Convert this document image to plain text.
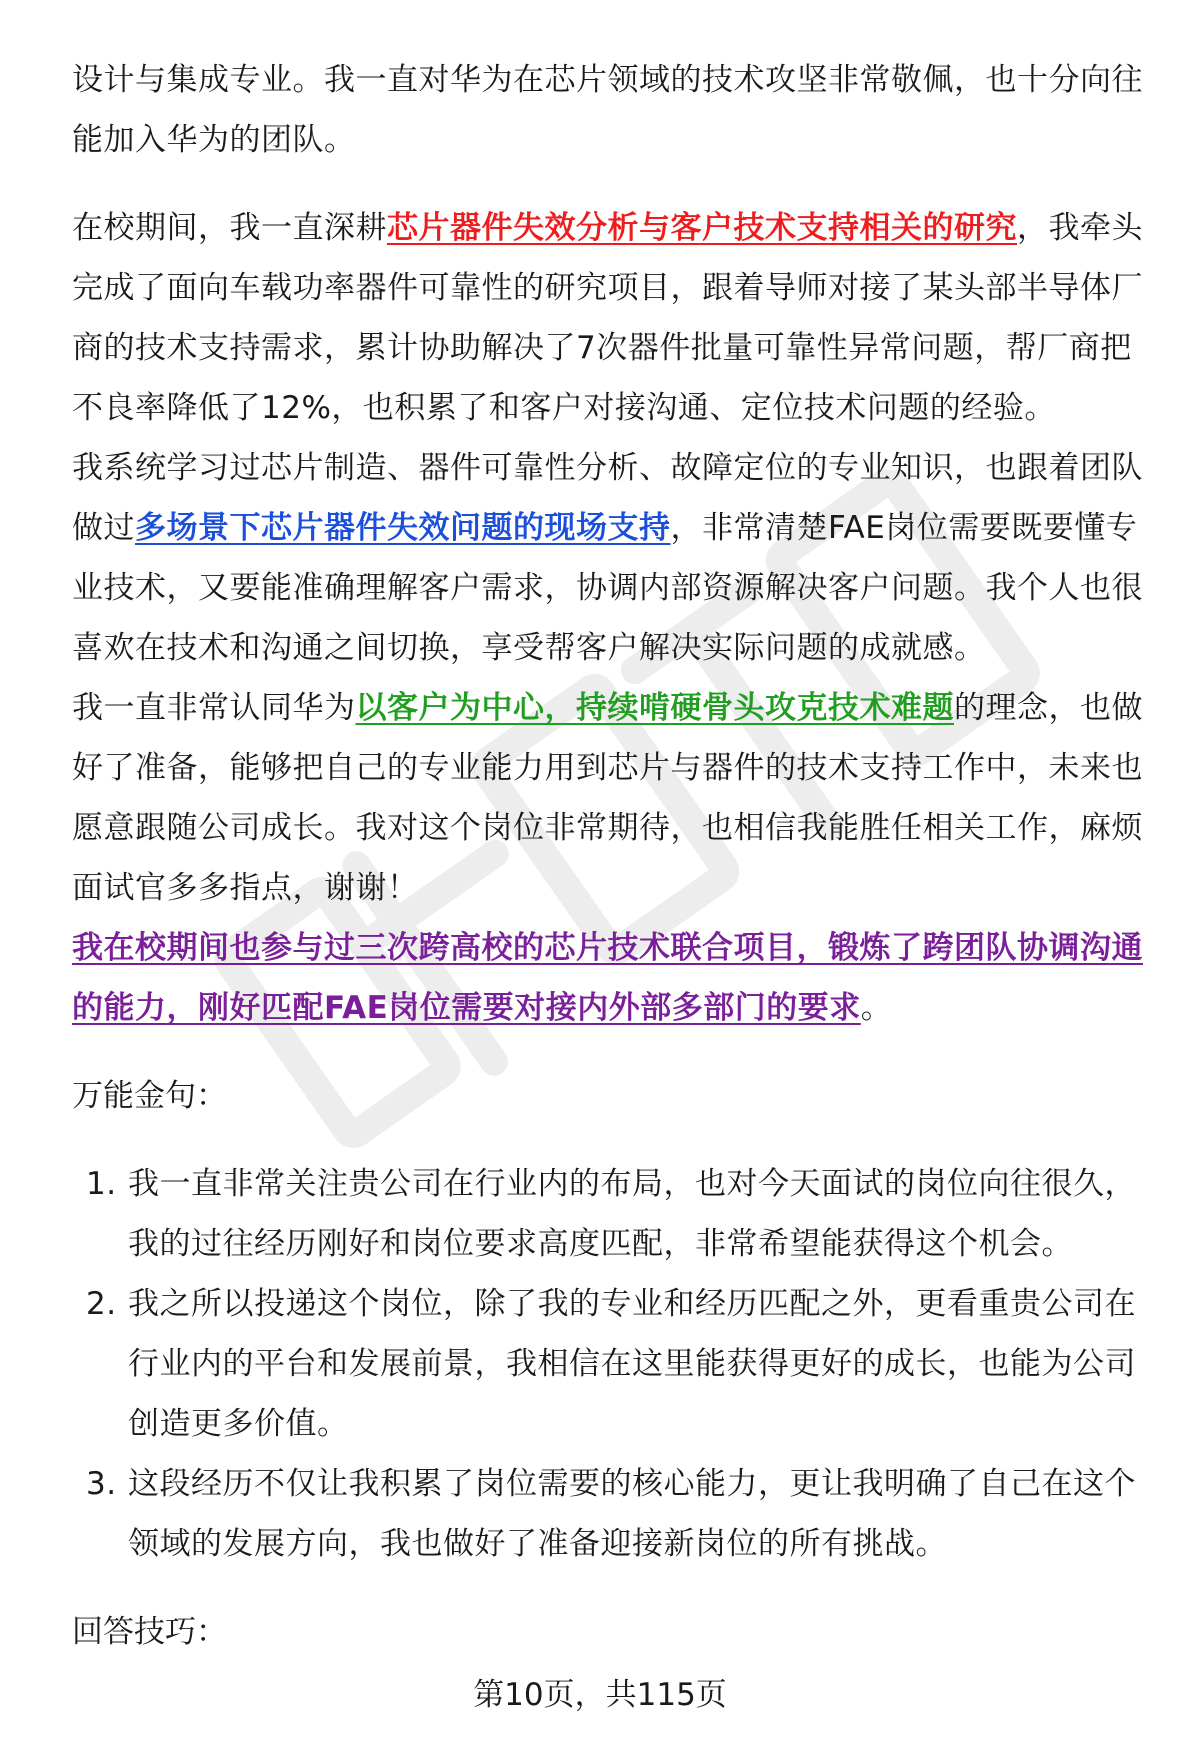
设计与集成专业。我一直对华为在芯片领域的技术攻坚非常敬佩，也十分向往能加入华为的团队。

在校期间，我一直深耕芯片器件失效分析与客户技术支持相关的研究，我牵头完成了面向车载功率器件可靠性的研究项目，跟着导师对接了某头部半导体厂商的技术支持需求，累计协助解决了7次器件批量可靠性异常问题，帮厂商把不良率降低了12%，也积累了和客户对接沟通、定位技术问题的经验。

我系统学习过芯片制造、器件可靠性分析、故障定位的专业知识，也跟着团队做过多场景下芯片器件失效问题的现场支持，非常清楚FAE岗位需要既要懂专业技术，又要能准确理解客户需求，协调内部资源解决客户问题。我个人也很喜欢在技术和沟通之间切换，享受帮客户解决实际问题的成就感。

我一直非常认同华为以客户为中心，持续啃硬骨头攻克技术难题的理念，也做好了准备，能够把自己的专业能力用到芯片与器件的技术支持工作中，未来也愿意跟随公司成长。我对这个岗位非常期待，也相信我能胜任相关工作，麻烦面试官多多指点，谢谢！

我在校期间也参与过三次跨高校的芯片技术联合项目，锻炼了跨团队协调沟通的能力，刚好匹配FAE岗位需要对接内外部多部门的要求。

万能金句：

1. 我一直非常关注贵公司在行业内的布局，也对今天面试的岗位向往很久，我的过往经历刚好和岗位要求高度匹配，非常希望能获得这个机会。
2. 我之所以投递这个岗位，除了我的专业和经历匹配之外，更看重贵公司在行业内的平台和发展前景，我相信在这里能获得更好的成长，也能为公司创造更多价值。
3. 这段经历不仅让我积累了岗位需要的核心能力，更让我明确了自己在这个领域的发展方向，我也做好了准备迎接新岗位的所有挑战。

回答技巧：

第10页，共115页
